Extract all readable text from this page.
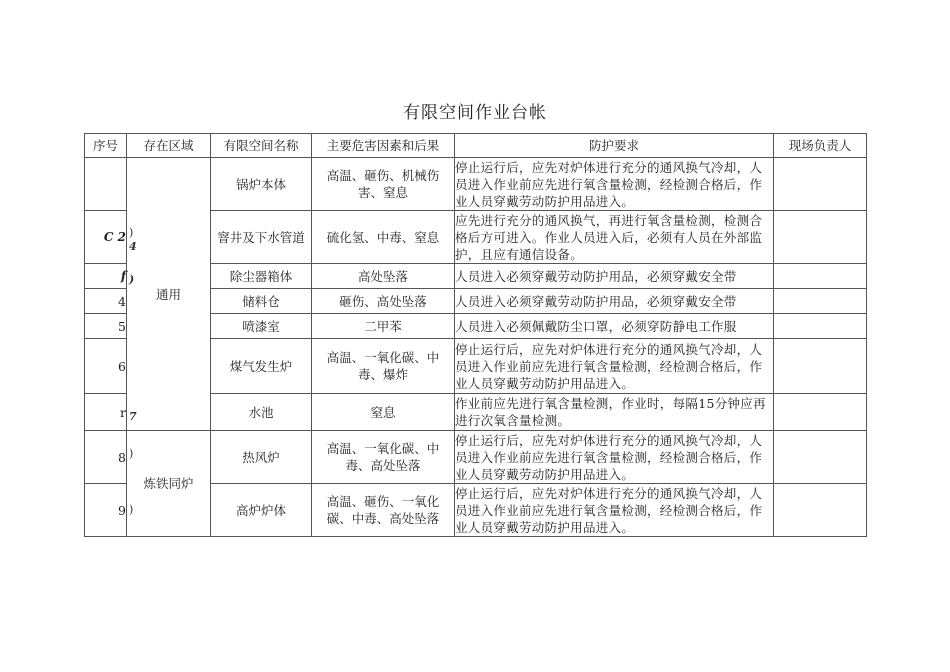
有限空间作业台帐
序号	存在区域	有限空间名称	主要危害因素和后果	防护要求	现场负责人
	通用	锅炉本体	高温、砸伤、机械伤害、窒息	停止运行后，应先对炉体进行充分的通风换气冷却，人员进入作业前应先进行氧含量检测，经检测合格后，作业人员穿戴劳动防护用品进入。	
C 2		窨井及下水管道	硫化氢、中毒、窒息	应先进行充分的通风换气，再进行氧含量检测，检测合格后方可进入。作业人员进入后，必须有人员在外部监护，且应有通信设备。	
f		除尘器箱体	高处坠落	人员进入必须穿戴劳动防护用品，必须穿戴安全带	

4		储料仓	砸伤、高处坠落	人员进入必须穿戴劳动防护用品，必须穿戴安全带	

5		喷漆室	二甲苯	人员进入必须佩戴防尘口罩，必须穿防静电工作服	

6		煤气发生炉	高温、一氧化碳、中毒、爆炸	停止运行后，应先对炉体进行充分的通风换气冷却，人员进入作业前应先进行氧含量检测，经检测合格后，作业人员穿戴劳动防护用品进入。	
r		水池	窒息	作业前应先进行氧含量检测，作业时，每隔15分钟应再进行次氧含量检测。	
8	炼铁同炉	热风炉	高温、一氧化碳、中毒、高处坠落	停止运行后，应先对炉体进行充分的通风换气冷却，人员进入作业前应先进行氧含量检测，经检测合格后，作业人员穿戴劳动防护用品进入。	
9		高炉炉体	高温、砸伤、一氧化碳、中毒、高处坠落	停止运行后，应先对炉体进行充分的通风换气冷却，人员进入作业前应先进行氧含量检测，经检测合格后，作业人员穿戴劳动防护用品进入。	
)
4
)
7
)
)
